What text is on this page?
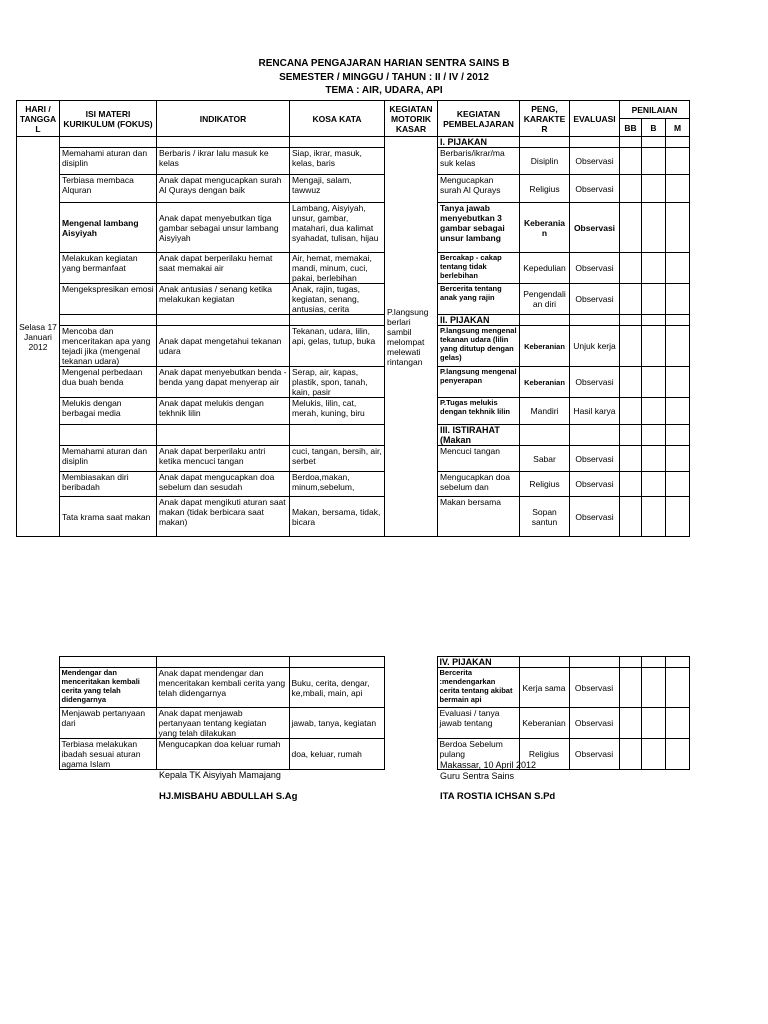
RENCANA PENGAJARAN HARIAN SENTRA SAINS B
SEMESTER / MINGGU / TAHUN : II / IV / 2012
TEMA : AIR, UDARA, API
HARI / TANGGA L	ISI MATERI KURIKULUM (FOKUS)	INDIKATOR	KOSA KATA	KEGIATAN MOTORIK KASAR	KEGIATAN PEMBELAJARAN	PENG, KARAKTE R	EVALUASI	PENILAIAN		
								BB	B	M
Selasa 17 Januari 2012				P.langsung berlari sambil melompat melewati rintangan	I. PIJAKAN					
	Memahami aturan dan disiplin	Berbaris / ikrar lalu masuk ke kelas	Siap, ikrar, masuk, kelas, baris		Berbaris/ikrar/ma suk kelas	Disiplin	Observasi			
	Terbiasa membaca Alquran	Anak dapat mengucapkan surah Al Qurays dengan baik	Mengaji, salam, tawwuz		Mengucapkan surah Al Qurays	Religius	Observasi			
	Mengenal lambang Aisyiyah	Anak dapat menyebutkan tiga gambar sebagai unsur lambang Aisyiyah	Lambang, Aisyiyah, unsur, gambar, matahari, dua kalimat syahadat, tulisan, hijau		Tanya jawab menyebutkan 3 gambar sebagai unsur lambang	Keberania n	Observasi			
	Melakukan kegiatan yang bermanfaat	Anak dapat berperilaku hemat saat memakai air	Air, hemat, memakai, mandi, minum, cuci, pakai, berlebihan		Bercakap - cakap tentang tidak berlebihan	Kepedulian	Observasi			
	Mengekspresikan emosi	Anak antusias / senang ketika melakukan kegiatan	Anak, rajin, tugas, kegiatan, senang, antusias, cerita		Bercerita tentang anak yang rajin	Pengendali an diri	Observasi			
					II. PIJAKAN					
	Mencoba dan menceritakan apa yang tejadi jika (mengenal tekanan udara)	Anak dapat mengetahui tekanan udara	Tekanan, udara, lilin, api, gelas, tutup, buka		P.langsung mengenal tekanan udara (lilin yang ditutup dengan gelas)	Keberanian	Unjuk kerja			
	Mengenal perbedaan dua buah benda	Anak dapat menyebutkan benda - benda yang dapat menyerap air	Serap, air, kapas, plastik, spon, tanah, kain, pasir		P.langsung mengenal penyerapan	Keberanian	Observasi			
	Melukis dengan berbagai media	Anak dapat melukis dengan tekhnik lilin	Melukis, lilin, cat, merah, kuning, biru		P.Tugas melukis dengan tekhnik lilin	Mandiri	Hasil karya			
					III. ISTIRAHAT (Makan					
	Memahami aturan dan disiplin	Anak dapat berperilaku antri ketika mencuci tangan	cuci, tangan, bersih, air, serbet		Mencuci tangan	Sabar	Observasi			
	Membiasakan diri beribadah	Anak dapat mengucapkan doa sebelum dan sesudah	Berdoa,makan, minum,sebelum,		Mengucapkan doa sebelum dan	Religius	Observasi			
	Tata krama saat makan	Anak dapat mengikuti aturan saat makan (tidak berbicara saat makan)	Makan, bersama, tidak, bicara		Makan bersama	Sopan santun	Observasi			
					IV. PIJAKAN					
	Mendengar dan menceritakan kembali cerita yang telah didengarnya	Anak dapat mendengar dan menceritakan kembali cerita yang telah didengarnya	Buku, cerita, dengar, ke,mbali, main, api		Bercerita :mendengarkan cerita tentang akibat bermain api	Kerja sama	Observasi			
	Menjawab pertanyaan dari	Anak dapat menjawab pertanyaan tentang kegiatan yang telah dilakukan	jawab, tanya, kegiatan		Evaluasi / tanya jawab tentang	Keberanian	Observasi			
	Terbiasa melakukan ibadah sesuai aturan agama Islam	Mengucapkan doa keluar rumah	doa, keluar, rumah		Berdoa Sebelum pulang	Religius	Observasi			
Kepala TK Aisyiyah Mamajang
HJ.MISBAHU ABDULLAH S.Ag
Makassar, 10 April 2012
Guru Sentra Sains
ITA ROSTIA ICHSAN S.Pd
